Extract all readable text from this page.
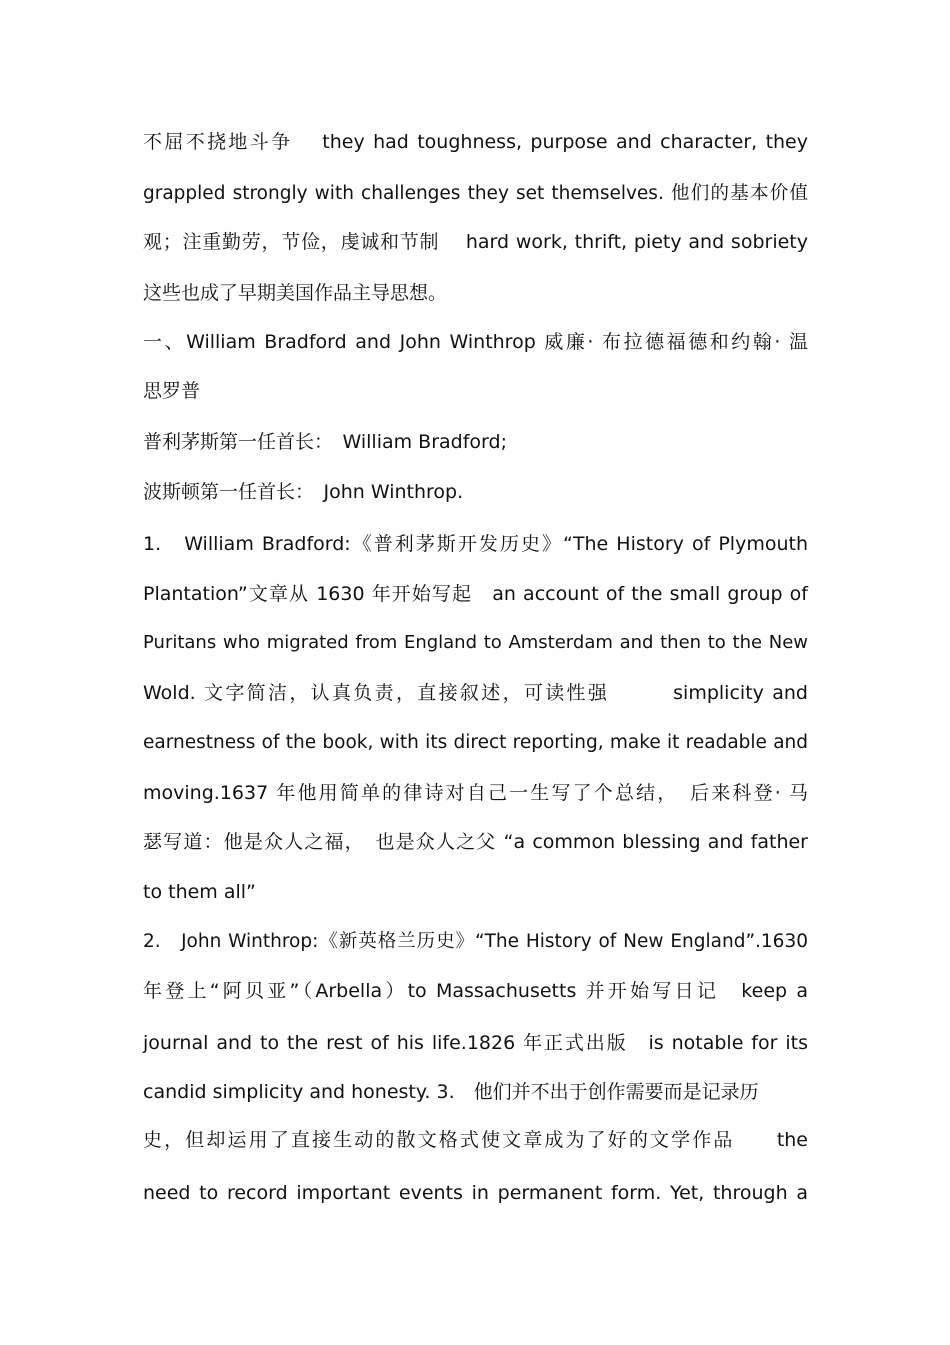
不屈不挠地斗争　 they had toughness, purpose and character, they
grappled strongly with challenges they set themselves. 他们的基本价值
观；注重勤劳，节俭，虔诚和节制　 hard work, thrift, piety and sobriety
这些也成了早期美国作品主导思想。
一、William Bradford and John Winthrop 威廉· 布拉德福德和约翰· 温
思罗普
普利茅斯第一任首长：　William Bradford;
波斯顿第一任首长：　John Winthrop.
1.　William Bradford:《普利茅斯开发历史》“The History of Plymouth
Plantation”文章从 1630 年开始写起　an account of the small group of
Puritans who migrated from England to Amsterdam and then to the New
Wold. 文字简洁，认真负责，直接叙述，可读性强　　　simplicity and
earnestness of the book, with its direct reporting, make it readable and
moving.1637 年他用简单的律诗对自己一生写了个总结，　后来科登· 马
瑟写道：他是众人之福，　也是众人之父 “a common blessing and father
to them all”
2.　John Winthrop:《新英格兰历史》“The History of New England”.1630
年登上“阿贝亚”（Arbella）to Massachusetts 并开始写日记　keep a
journal and to the rest of his life.1826 年正式出版　is notable for its
candid simplicity and honesty. 3.　他们并不出于创作需要而是记录历
史，但却运用了直接生动的散文格式使文章成为了好的文学作品　　the
need to record important events in permanent form. Yet, through a
